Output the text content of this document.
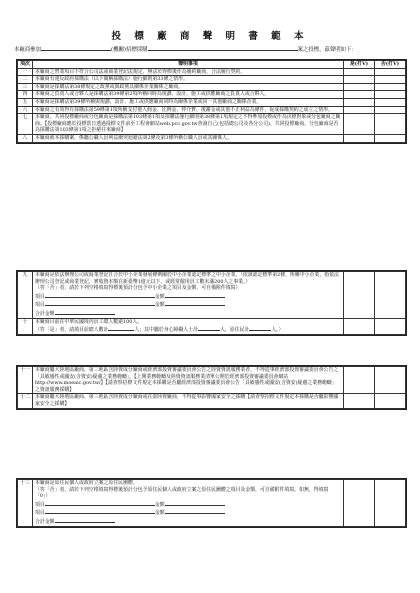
投 標 廠 商 聲 明 書 範 本
本廠商參加	(機關)招標採購	案之投標，茲聲明如下：
項次	聲明事項	是(打V)	否(打V)
一	本廠商之營業項目不符合公司法或商業登記法規定，無法於得標後作為履約廠商，合法履行契約。		
二	本廠商有違反政府採購法（以下簡稱採購法）施行細則第33條之情形。		
三	本廠商是採購法第38條規定之政黨或與政黨具關係企業關係之廠商。		
四	本廠商之負責人或合夥人是採購法第39條第2項所稱同時為規劃、設計、施工或供應廠商之負責人或合夥人。		
五	本廠商是採購法第39條所稱與規劃、設計、施工或供應廠商同時為關係企業或同一其他廠商之關係企業。		
六	本廠商之有效得有採購法第59條第1項所稱支付他人佣金、比例金、仲介費、後謝金或其他不正利益為條件，促成採購契約之成立之情形。		
七	本廠商、共同投標廠商或分包廠商是採購法第103條第1項及採購法施行細則第38條第1項規定之不得參加投標或作為決標對象或分包廠商之廠商。【投標廠商應於投標當日透過投標文件前至工程會網站web.pcc.gov.tw查詢自己(包括總公司及各分公司)、共同投標廠商、分包廠商是否為採購法第103條第1項之拒絕往來廠商】		
八	本廠商就本採購案，係屬公職人員利益衝突迴避法第2條及第3條所稱公職人員或其關係人。		
九	本廠商是依法辦理公司或商業登記且合於中小企業發展條例關於中小企業認定標準之中小企業。（依該認定標準第2條，所稱中小企業，指依法辦理公司登記或商業登記，實收資本額在新臺幣1億元以下，或經常僱用員工數未滿200人之事業。）
（答「否」者，請於下列空格填寫得標後預計分包予中小企業之項目及金額，可自備附件填寫）
項目 金額
項目 金額
合計金額		

十	本廠商目前在中華民國境內員工總人數逾100人。
（答「是」者，請填目前總人數計 人；其中屬於身心障礙人士計 人，原住民計 人。）		
十一	本廠商屬大陸地區廠商、第三地區含陸資成分廠商或經濟部投資審議委員會公告之陸資資訊服務業者，不得從事經濟部投資審議委員會公告之「具敏感性或國安(含資安)疑慮之業務範疇」。【上開業務範疇及陸資資訊服務業清單公開於經濟部投資審議委員會網站http://www.moeaic.gov.tw/】【請查察招標文件規定本採購是否屬經濟部投資審議委員會公告「具敏感性或國安(含資安)疑慮之業務範疇」之資訊服務採購】		
十二	本廠商屬大陸地區廠商、第三地區含陸資成分廠商或在臺陸資廠商，不得從事影響國家安全之採購【請查察招標文件規定本採購是否屬影響國家安全之採購】		
十三	本廠商是原住民個人或政府立案之原住民團體。
（答「否」者，請於下列空格填寫得標後預計分包予原住民個人或政府立案之原住民團體之項目及金額，可自備附件填寫。如無，得填寫「0」）
項目	金額
項目	金額
合計金額
